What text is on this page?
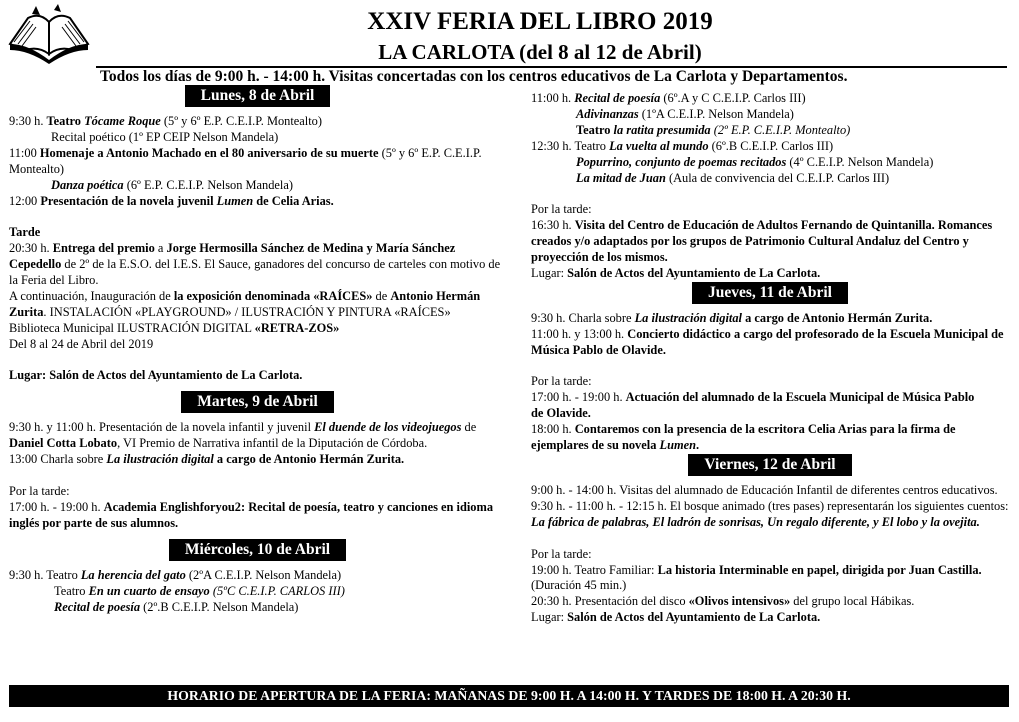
XXIV FERIA DEL LIBRO 2019
LA CARLOTA (del 8 al 12 de Abril)
Todos los días de 9:00 h. - 14:00 h. Visitas concertadas con los centros educativos de La Carlota y Departamentos.
Lunes, 8 de Abril

9:30 h. Teatro Tócame Roque (5º y 6º E.P. C.E.I.P. Montealto)

Recital poético (1º EP CEIP Nelson Mandela)

11:00 Homenaje a Antonio Machado en el 80 aniversario de su muerte (5º y 6º E.P. C.E.I.P. Montealto)

Danza poética (6º E.P. C.E.I.P. Nelson Mandela)

12:00 Presentación de la novela juvenil Lumen de Celia Arias.

Tarde

20:30 h. Entrega del premio a Jorge Hermosilla Sánchez de Medina y María Sánchez Cepedello de 2º de la E.S.O. del I.E.S. El Sauce, ganadores del concurso de carteles con motivo de la Feria del Libro.

A continuación, Inauguración de la exposición denominada «RAÍCES» de Antonio Hermán Zurita. INSTALACIÓN «PLAYGROUND» / ILUSTRACIÓN Y PINTURA «RAÍCES»

Biblioteca Municipal ILUSTRACIÓN DIGITAL «RETRA-ZOS»

Del 8 al 24 de Abril del 2019

Lugar: Salón de Actos del Ayuntamiento de La Carlota.

Martes, 9 de Abril

9:30 h. y 11:00 h. Presentación de la novela infantil y juvenil El duende de los videojuegos de Daniel Cotta Lobato, VI Premio de Narrativa infantil de la Diputación de Córdoba.

13:00 Charla sobre La ilustración digital a cargo de Antonio Hermán Zurita.

Por la tarde:

17:00 h. - 19:00 h. Academia Englishforyou2: Recital de poesía, teatro y canciones en idioma inglés por parte de sus alumnos.

Miércoles, 10 de Abril

9:30 h. Teatro La herencia del gato (2ºA C.E.I.P. Nelson Mandela)

Teatro En un cuarto de ensayo (5ºC C.E.I.P. CARLOS III)

Recital de poesía (2º.B C.E.I.P. Nelson Mandela)

11:00 h. Recital de poesía (6º.A y C C.E.I.P. Carlos III)

Adivinanzas (1ºA C.E.I.P. Nelson Mandela)

Teatro la ratita presumida (2º E.P. C.E.I.P. Montealto)

12:30 h. Teatro La vuelta al mundo (6º.B C.E.I.P. Carlos III)

Popurrino, conjunto de poemas recitados (4º C.E.I.P. Nelson Mandela)

La mitad de Juan (Aula de convivencia del C.E.I.P. Carlos III)

Por la tarde:

16:30 h. Visita del Centro de Educación de Adultos Fernando de Quintanilla. Romances creados y/o adaptados por los grupos de Patrimonio Cultural Andaluz del Centro y proyección de los mismos.

Lugar: Salón de Actos del Ayuntamiento de La Carlota.

Jueves, 11 de Abril

9:30 h. Charla sobre La ilustración digital a cargo de Antonio Hermán Zurita.

11:00 h. y 13:00 h. Concierto didáctico a cargo del profesorado de la Escuela Municipal de Música Pablo de Olavide.

Por la tarde:

17:00 h. - 19:00 h. Actuación del alumnado de la Escuela Municipal de Música Pablo

de Olavide.

18:00 h. Contaremos con la presencia de la escritora Celia Arias para la firma de ejemplares de su novela Lumen.

Viernes, 12 de Abril

9:00 h. - 14:00 h. Visitas del alumnado de Educación Infantil de diferentes centros educativos.

9:30 h. - 11:00 h. - 12:15 h. El bosque animado (tres pases) representarán los siguientes cuentos: La fábrica de palabras, El ladrón de sonrisas, Un regalo diferente, y El lobo y la ovejita.

Por la tarde:

19:00 h. Teatro Familiar: La historia Interminable en papel, dirigida por Juan Castilla. (Duración 45 min.)

20:30 h. Presentación del disco «Olivos intensivos» del grupo local Hábikas.

Lugar: Salón de Actos del Ayuntamiento de La Carlota.

HORARIO DE APERTURA DE LA FERIA: MAÑANAS DE 9:00 H. A 14:00 H. Y TARDES DE 18:00 H. A 20:30 H.
